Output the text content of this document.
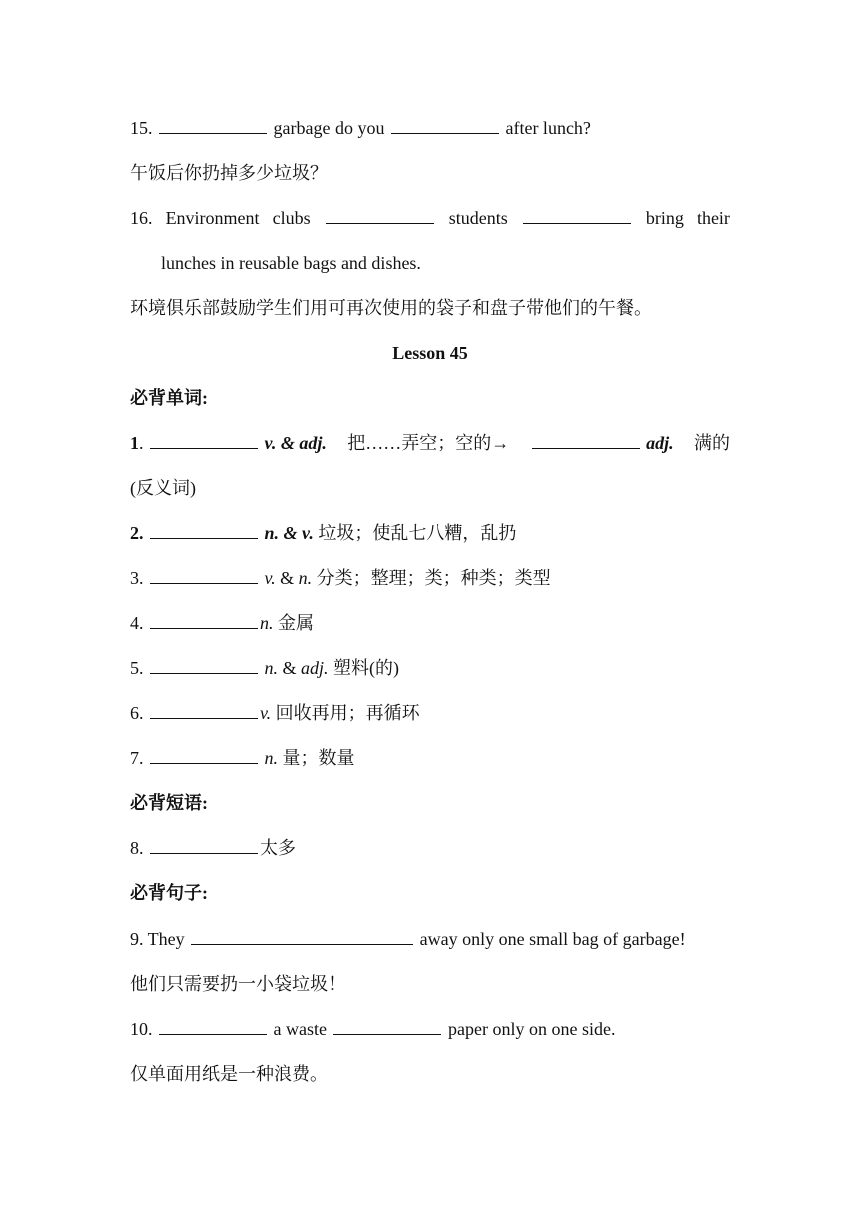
15.	garbage do you	after lunch?
午饭后你扔掉多少垃圾？
16. Environment clubs	students	bring their
lunches in reusable bags and dishes.
环境俱乐部鼓励学生们用可再次使用的袋子和盘子带他们的午餐。
Lesson 45
必背单词:
1.	v. & adj. 把……弄空；空的→	adj. 满的
(反义词)
2.	n. & v. 垃圾；使乱七八糟，乱扔
3.	v. & n. 分类；整理；类；种类；类型
4.	n. 金属
5.	n. & adj. 塑料(的)
6.	v. 回收再用；再循环
7.	n. 量；数量
必背短语:
8.	太多
必背句子:
9. They	away only one small bag of garbage!
他们只需要扔一小袋垃圾！
10.	a waste	paper only on one side.
仅单面用纸是一种浪费。
